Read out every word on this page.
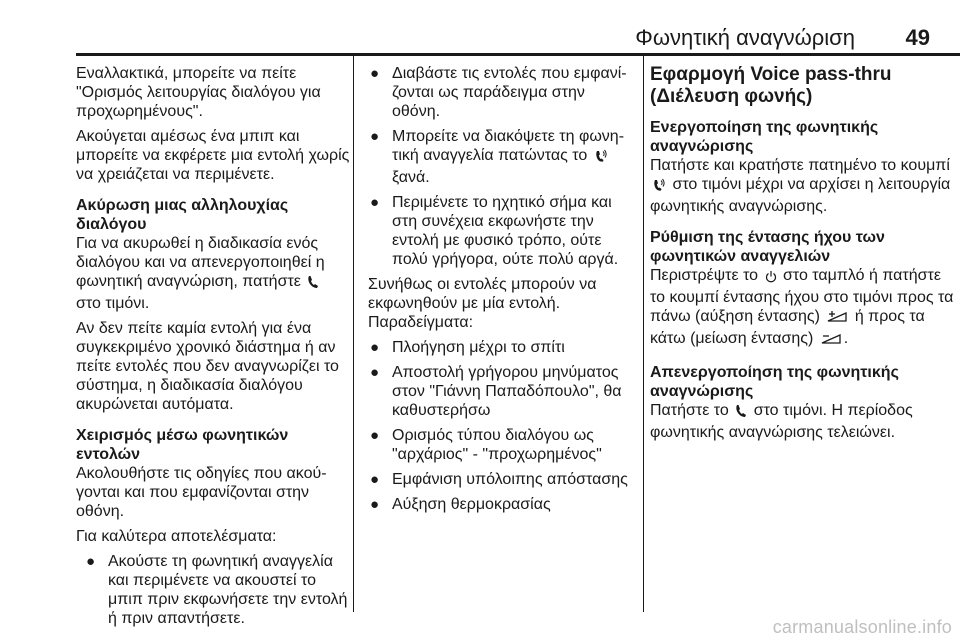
Φωνητική αναγνώριση 49

Εναλλακτικά, μπορείτε να πείτε "Ορισμός λειτουργίας διαλόγου για προχωρημένους".

Ακούγεται αμέσως ένα μπιπ και μπορείτε να εκφέρετε μια εντολή χωρίς να χρειάζεται να περιμένετε.

Ακύρωση μιας αλληλουχίας διαλόγου

Για να ακυρωθεί η διαδικασία ενός διαλόγου και να απενεργοποιηθεί η φωνητική αναγνώριση, πατήστε  στο τιμόνι.

Αν δεν πείτε καμία εντολή για ένα συγκεκριμένο χρονικό διάστημα ή αν πείτε εντολές που δεν αναγνωρίζει το σύστημα, η διαδικασία διαλόγου ακυρώνεται αυτόματα.

Χειρισμός μέσω φωνητικών εντολών

Ακολουθήστε τις οδηγίες που ακούγονται και που εμφανίζονται στην οθόνη.

Για καλύτερα αποτελέσματα:

● Ακούστε τη φωνητική αναγγελία και περιμένετε να ακουστεί το μπιπ πριν εκφωνήσετε την εντολή ή πριν απαντήσετε.
● Διαβάστε τις εντολές που εμφανίζονται ως παράδειγμα στην οθόνη.
● Μπορείτε να διακόψετε τη φωνητική αναγγελία πατώντας το  ξανά.
● Περιμένετε το ηχητικό σήμα και στη συνέχεια εκφωνήστε την εντολή με φυσικό τρόπο, ούτε πολύ γρήγορα, ούτε πολύ αργά.

Συνήθως οι εντολές μπορούν να εκφωνηθούν με μία εντολή. Παραδείγματα:

● Πλοήγηση μέχρι το σπίτι
● Αποστολή γρήγορου μηνύματος στον "Γιάννη Παπαδόπουλο", θα καθυστερήσω
● Ορισμός τύπου διαλόγου ως "αρχάριος" - "προχωρημένος"
● Εμφάνιση υπόλοιπης απόστασης
● Αύξηση θερμοκρασίας
Εφαρμογή Voice pass-thru (Διέλευση φωνής)
Ενεργοποίηση της φωνητικής αναγνώρισης

Πατήστε και κρατήστε πατημένο το κουμπί  στο τιμόνι μέχρι να αρχίσει η λειτουργία φωνητικής αναγνώρισης.

Ρύθμιση της έντασης ήχου των φωνητικών αναγγελιών

Περιστρέψτε το στο ταμπλό ή πατήστε το κουμπί έντασης ήχου στο τιμόνι προς τα πάνω (αύξηση έντασης) ή προς τα κάτω (μείωση έντασης) .

Απενεργοποίηση της φωνητικής αναγνώρισης

Πατήστε το στο τιμόνι. Η περίοδος φωνητικής αναγνώρισης τελειώνει.

carmanualsonline.info
